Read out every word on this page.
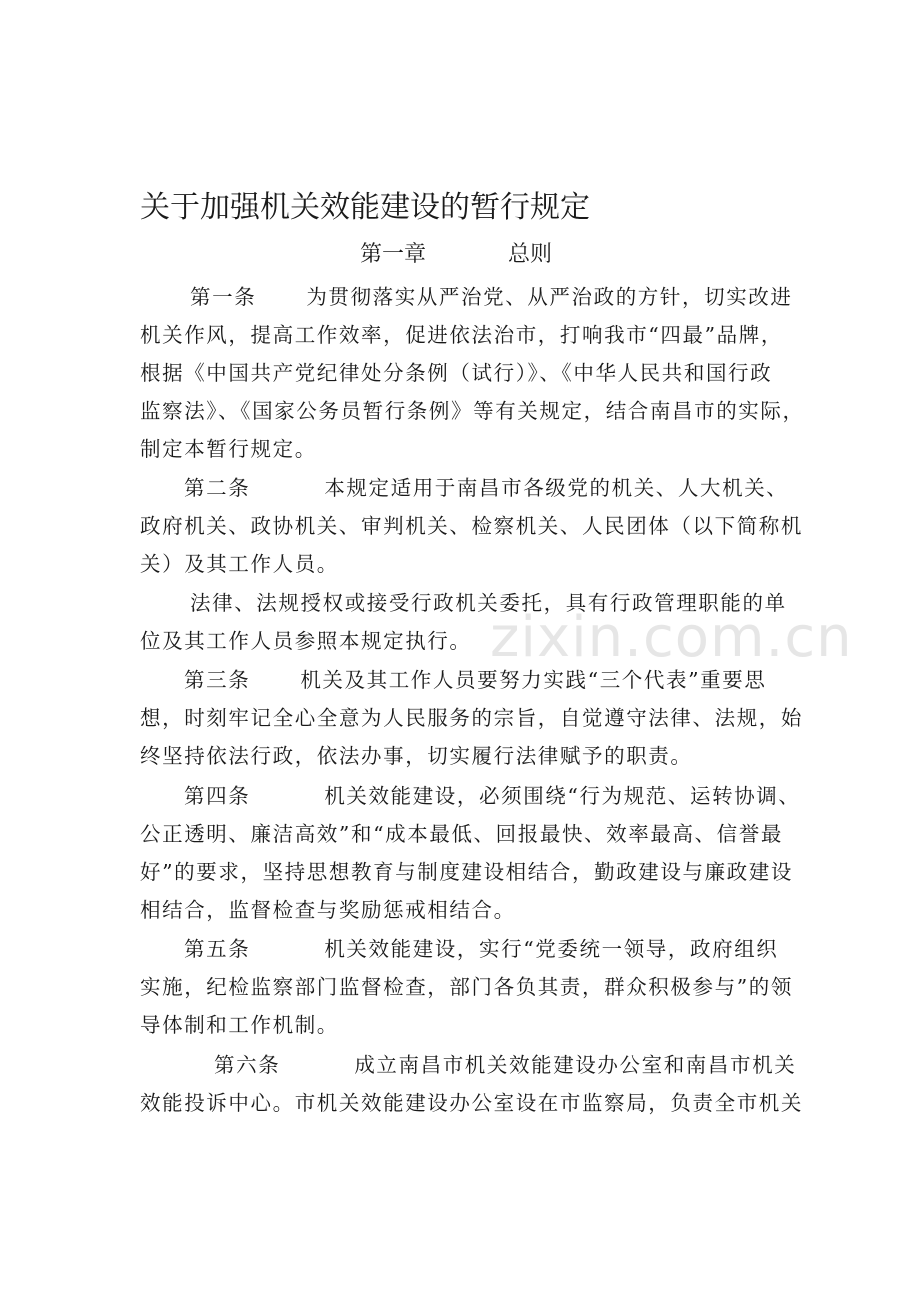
zixin.com.cn
关于加强机关效能建设的暂行规定
第一章	总则
第一条 为贯彻落实从严治党、从严治政的方针，切实改进
机关作风，提高工作效率，促进依法治市，打响我市“四最”品牌，
根据《中国共产党纪律处分条例（试行）》、《中华人民共和国行政
监察法》、《国家公务员暂行条例》等有关规定，结合南昌市的实际，
制定本暂行规定。
第二条	本规定适用于南昌市各级党的机关、人大机关、
政府机关、政协机关、审判机关、检察机关、人民团体（以下简称机
关）及其工作人员。
法律、法规授权或接受行政机关委托，具有行政管理职能的单
位及其工作人员参照本规定执行。
第三条 机关及其工作人员要努力实践“三个代表”重要思
想，时刻牢记全心全意为人民服务的宗旨，自觉遵守法律、法规，始
终坚持依法行政，依法办事，切实履行法律赋予的职责。
第四条	机关效能建设，必须围绕“行为规范、运转协调、
公正透明、廉洁高效”和“成本最低、回报最快、效率最高、信誉最
好”的要求，坚持思想教育与制度建设相结合，勤政建设与廉政建设
相结合，监督检查与奖励惩戒相结合。
第五条	机关效能建设，实行“党委统一领导，政府组织
实施，纪检监察部门监督检查，部门各负其责，群众积极参与”的领
导体制和工作机制。
第六条	成立南昌市机关效能建设办公室和南昌市机关
效能投诉中心。市机关效能建设办公室设在市监察局，负责全市机关
